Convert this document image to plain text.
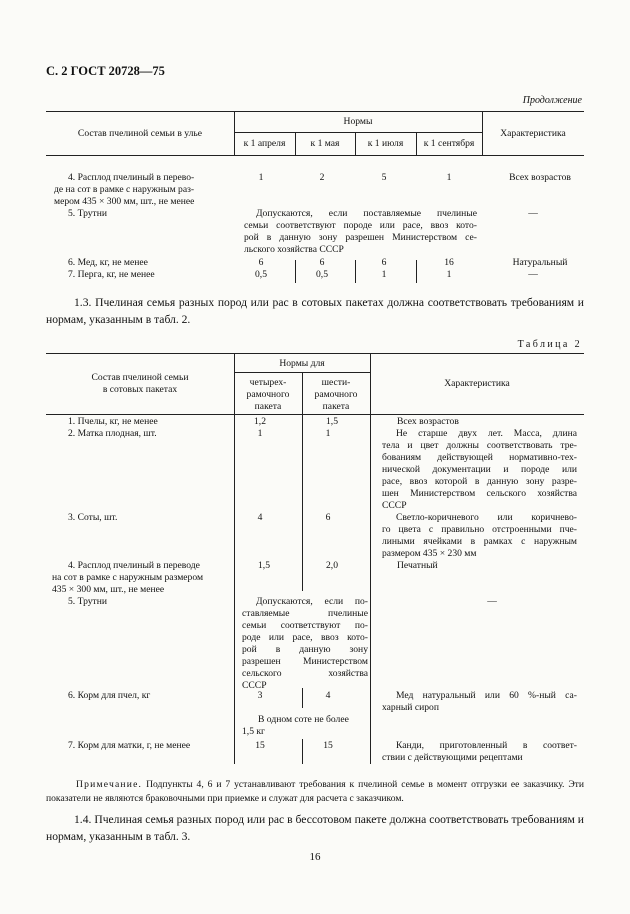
С. 2 ГОСТ 20728—75
Продолжение
Состав пчелиной семьи в улье
Нормы
Характеристика
к 1 апреля	к 1 мая	к 1 июля	к 1 сентября
4. Расплод пчелиный в перево-
де на сот в рамке с наружным раз-
мером 435 × 300 мм, шт., не менее
1	2	5	1	Всех возрастов
5. Трутни	Допускаются, если поставляемые пчелиные
семьи соответствуют породе или расе, ввоз кото-
рой в данную зону разрешен Министерством се-
льского хозяйства СССР
—
6. Мед, кг, не менее	6	6	6	16	Натуральный
7. Перга, кг, не менее	0,5	0,5	1	1	—
1.3. Пчелиная семья разных пород или рас в сотовых пакетах должна соответствовать требованиям и нормам, указанным в табл. 2.
Таблица 2
Состав пчелиной семьи
в сотовых пакетах
Нормы для
четырех-
рамочного
пакета
шести-
рамочного
пакета
Характеристика
1. Пчелы, кг, не менее	1,2	1,5	Всех возрастов
2. Матка плодная, шт.	1	1	Не старше двух лет. Масса, длина
тела и цвет должны соответствовать тре-
бованиям действующей нормативно-тех-
нической документации и породе или
расе, ввоз которой в данную зону разре-
шен Министерством сельского хозяйства
СССР
3. Соты, шт.	4	6	Светло-коричневого или коричнево-
го цвета с правильно отстроенными пче-
лиными ячейками в рамках с наружным
размером 435 × 230 мм
4. Расплод пчелиный в переводе
на сот в рамке с наружным размером
435 × 300 мм, шт., не менее
1,5	2,0	Печатный
5. Трутни	Допускаются, если по-
ставляемые пчелиные
семьи соответствуют по-
роде или расе, ввоз кото-
рой в данную зону
разрешен Министерством
сельского хозяйства
СССР
—
6. Корм для пчел, кг	3	4	Мед натуральный или 60 %-ный са-
харный сироп
В одном соте не более
1,5 кг
7. Корм для матки, г, не менее	15	15	Канди, приготовленный в соответ-
ствии с действующими рецептами
Примечание. Подпункты 4, 6 и 7 устанавливают требования к пчелиной семье в момент отгрузки ее заказчику. Эти показатели не являются браковочными при приемке и служат для расчета с заказчиком.
1.4. Пчелиная семья разных пород или рас в бессотовом пакете должна соответствовать требованиям и нормам, указанным в табл. 3.
16
